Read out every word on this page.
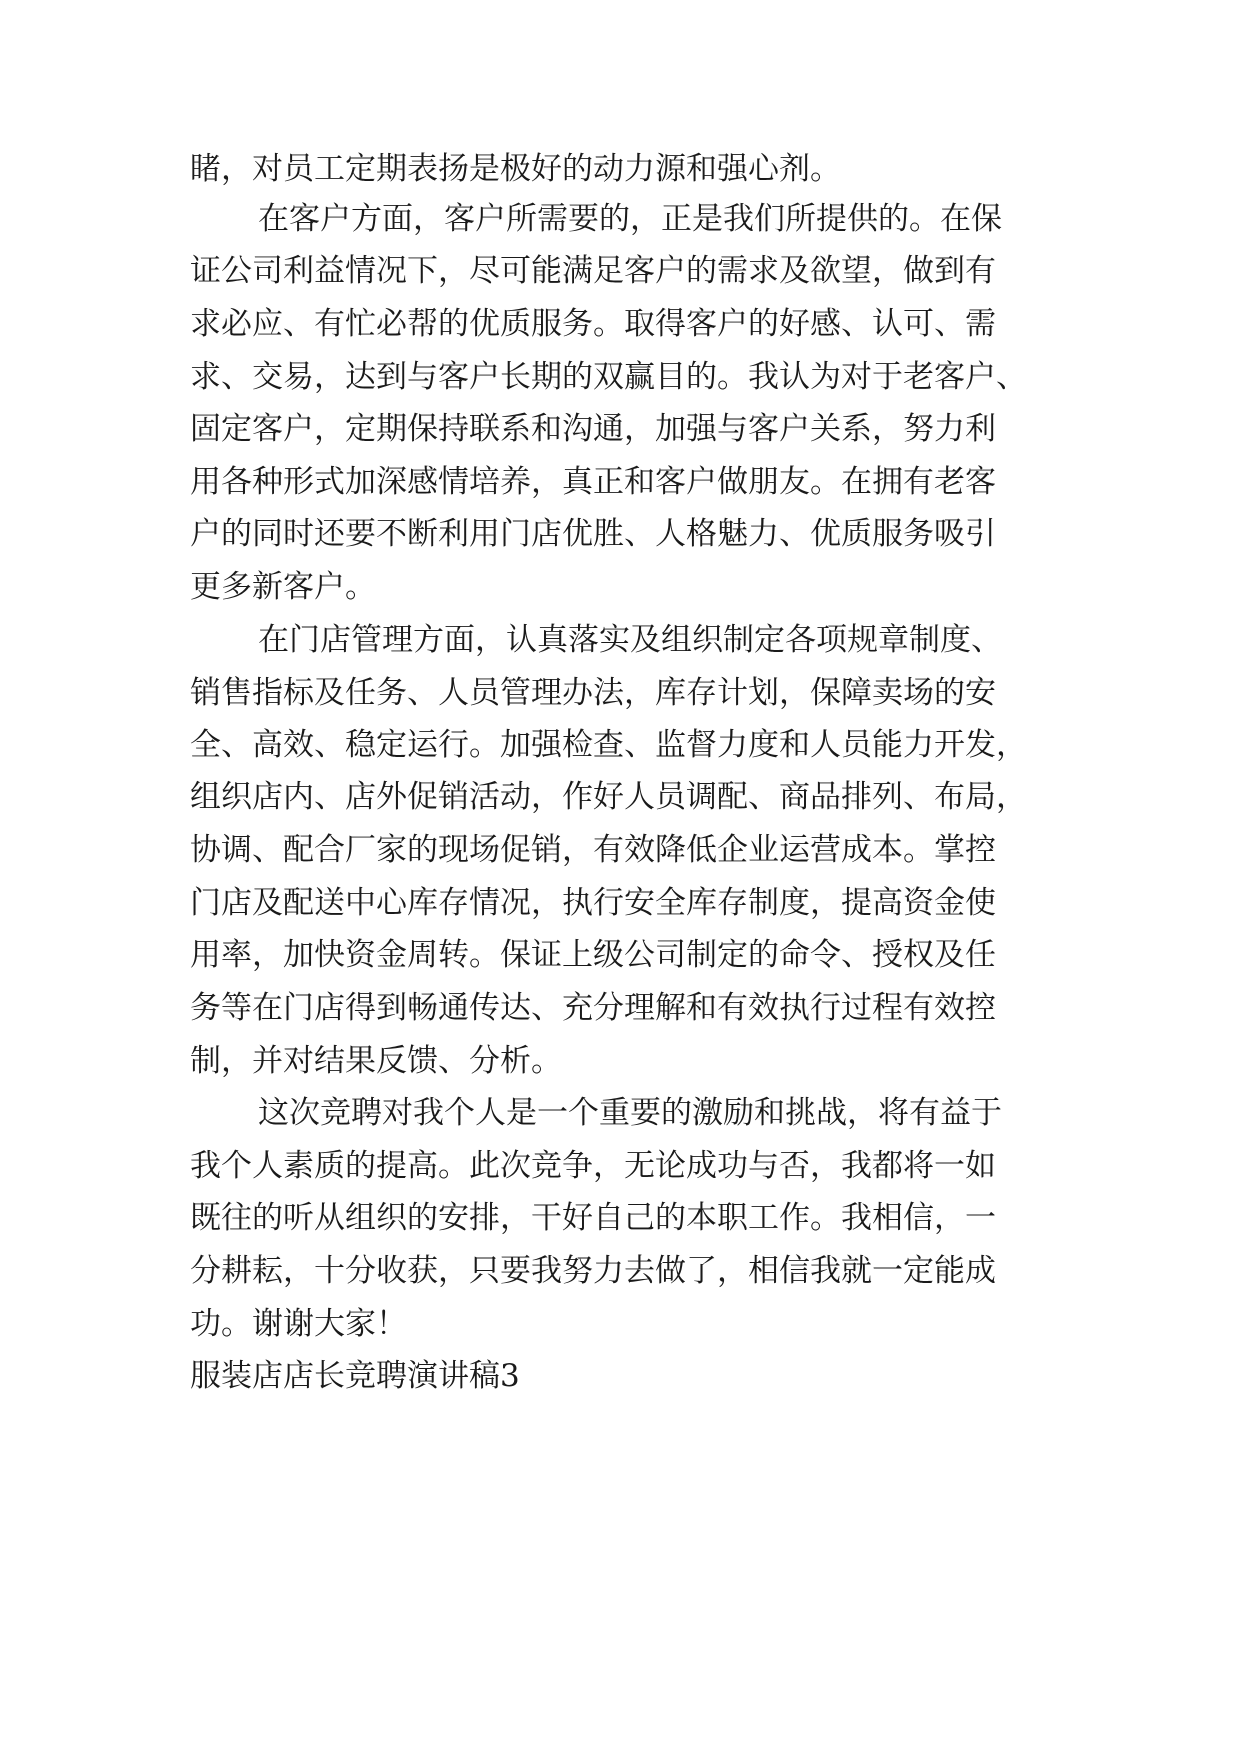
睹，对员工定期表扬是极好的动力源和强心剂。
在客户方面，客户所需要的，正是我们所提供的。在保
证公司利益情况下，尽可能满足客户的需求及欲望，做到有
求必应、有忙必帮的优质服务。取得客户的好感、认可、需
求、交易，达到与客户长期的双赢目的。我认为对于老客户、
固定客户，定期保持联系和沟通，加强与客户关系，努力利
用各种形式加深感情培养，真正和客户做朋友。在拥有老客
户的同时还要不断利用门店优胜、人格魅力、优质服务吸引
更多新客户。
在门店管理方面，认真落实及组织制定各项规章制度、
销售指标及任务、人员管理办法，库存计划，保障卖场的安
全、高效、稳定运行。加强检查、监督力度和人员能力开发，
组织店内、店外促销活动，作好人员调配、商品排列、布局，
协调、配合厂家的现场促销，有效降低企业运营成本。掌控
门店及配送中心库存情况，执行安全库存制度，提高资金使
用率，加快资金周转。保证上级公司制定的命令、授权及任
务等在门店得到畅通传达、充分理解和有效执行过程有效控
制，并对结果反馈、分析。
这次竞聘对我个人是一个重要的激励和挑战，将有益于
我个人素质的提高。此次竞争，无论成功与否，我都将一如
既往的听从组织的安排，干好自己的本职工作。我相信，一
分耕耘，十分收获，只要我努力去做了，相信我就一定能成
功。谢谢大家！
服装店店长竞聘演讲稿3
